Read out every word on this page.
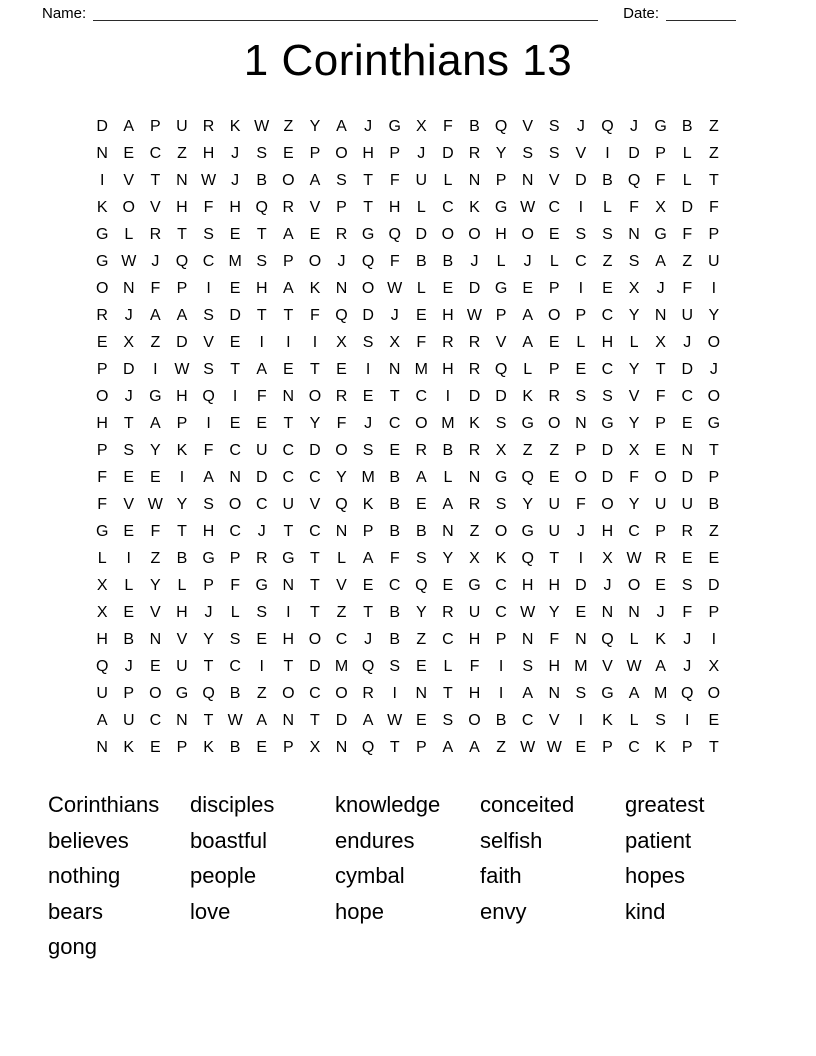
Name:	Date:
1 Corinthians 13
D A P U R K W Z	Y A	J	G X	F	B Q V S	J	Q	J	G B	Z
N E C Z H	J	S E P O H P	J	D R Y S S V	I	D P	L	Z
I	V	T N W J	B O A S	T	F U	L	N P N V D B Q F	L	T
K O V H F H Q R V P	T H	L	C K G W C	I	L	F	X D F
G L	R T	S E	T	A E R G Q D O O H O E S S N G F	P
G W J	Q C M S P O	J	Q F	B B	J	L	J	L	C Z	S A	Z U
O N F	P	I	E H A K N O W L	E D G E P	I	E X	J	F	I
R	J	A A S D T	T	F Q D	J	E H W P A O P C Y N U Y
E X	Z D V E	I	I	I	X S X	F R R V A E	L	H	L	X	J	O
P D	I	W S	T	A E	T	E	I	N M H R Q L	P E C Y	T D	J
O	J	G H Q	I	F N O R E	T C	I	D D K R S S V	F C O
H T	A P	I	E E	T	Y	F	J	C O M K S G O N G Y P E G
P S Y K	F C U C D O S E R B R X	Z	Z	P D X E N T
F	E E	I	A N D C C Y M B A	L	N G Q E O D F O D P
F	V W Y S O C U V Q K B E A R S Y U F O Y U U B
G E	F	T H C	J	T C N P B B N Z O G U	J	H C P R Z
L	I	Z	B G P R G T	L	A	F	S Y X K Q T	I	X W R E E
X	L	Y	L	P	F G N T	V E C Q E G C H H D	J	O E S D
X E V H	J	L	S	I	T	Z	T	B Y R U C W Y E N N	J	F	P
H B N V Y S E H O C	J	B	Z C H P N F N Q L	K	J	I
Q	J	E U T C	I	T D M Q S E	L	F	I	S H M V W A	J	X
U P O G Q B	Z O C O R	I	N T H	I	A N S G A M Q O
A U C N T W A N T D A W E S O B C V	I	K	L	S	I	E
N K E P K B E P X N Q T	P A A	Z W W E P C K P	T
Corinthians
believes
nothing
bears
gong
disciples
boastful
people
love
knowledge
endures
cymbal
hope
conceited
selfish
faith
envy
greatest
patient
hopes
kind
